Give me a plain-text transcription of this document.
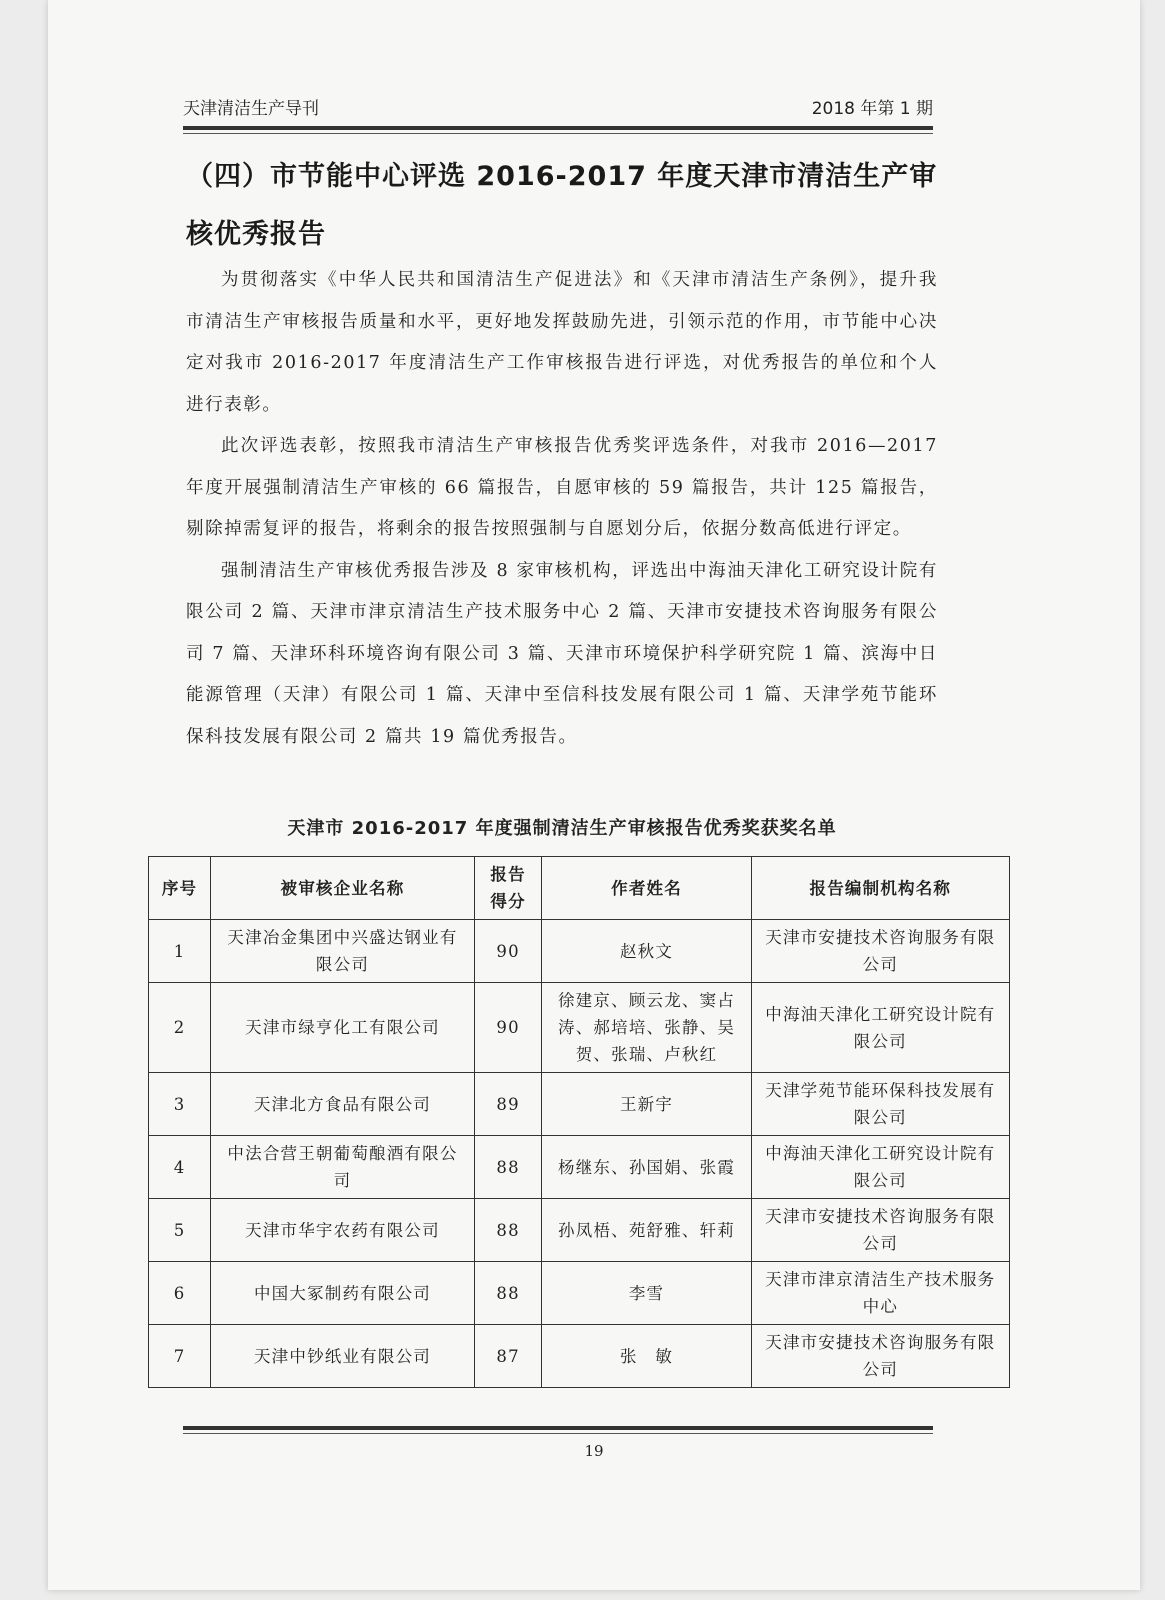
天津清洁生产导刊	2018 年第 1 期
（四）市节能中心评选 2016-2017 年度天津市清洁生产审核优秀报告

为贯彻落实《中华人民共和国清洁生产促进法》和《天津市清洁生产条例》，提升我市清洁生产审核报告质量和水平，更好地发挥鼓励先进，引领示范的作用，市节能中心决定对我市 2016-2017 年度清洁生产工作审核报告进行评选，对优秀报告的单位和个人进行表彰。

此次评选表彰，按照我市清洁生产审核报告优秀奖评选条件，对我市 2016—2017 年度开展强制清洁生产审核的 66 篇报告，自愿审核的 59 篇报告，共计 125 篇报告，剔除掉需复评的报告，将剩余的报告按照强制与自愿划分后，依据分数高低进行评定。

强制清洁生产审核优秀报告涉及 8 家审核机构，评选出中海油天津化工研究设计院有限公司 2 篇、天津市津京清洁生产技术服务中心 2 篇、天津市安捷技术咨询服务有限公司 7 篇、天津环科环境咨询有限公司 3 篇、天津市环境保护科学研究院 1 篇、滨海中日能源管理（天津）有限公司 1 篇、天津中至信科技发展有限公司 1 篇、天津学苑节能环保科技发展有限公司 2 篇共 19 篇优秀报告。

天津市 2016-2017 年度强制清洁生产审核报告优秀奖获奖名单
序号	被审核企业名称	报告得分	作者姓名	报告编制机构名称
1	天津冶金集团中兴盛达钢业有限公司	90	赵秋文	天津市安捷技术咨询服务有限公司
2	天津市绿亨化工有限公司	90	徐建京、顾云龙、窦占涛、郝培培、张静、吴贺、张瑞、卢秋红	中海油天津化工研究设计院有限公司
3	天津北方食品有限公司	89	王新宇	天津学苑节能环保科技发展有限公司
4	中法合营王朝葡萄酿酒有限公司	88	杨继东、孙国娟、张霞	中海油天津化工研究设计院有限公司
5	天津市华宇农药有限公司	88	孙凤梧、苑舒雅、轩莉	天津市安捷技术咨询服务有限公司
6	中国大冢制药有限公司	88	李雪	天津市津京清洁生产技术服务中心
7	天津中钞纸业有限公司	87	张　敏	天津市安捷技术咨询服务有限公司
19
